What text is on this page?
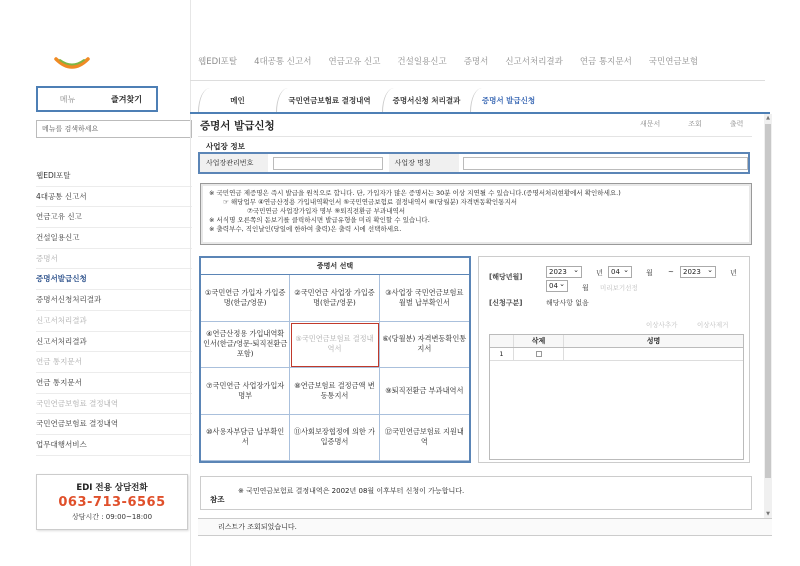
메뉴	즐겨찾기
메뉴를 검색하세요
웹EDI포탈
4대공통 신고서
연금고유 신고
건설일용신고
증명서
증명서발급신청
증명서신청처리결과
신고서처리결과
신고서처리결과
연금 통지문서
연금 통지문서
국민연금보험료 결정내역
국민연금보험료 결정내역
업무대행서비스
EDI 전용 상담전화
063-713-6565
상담시간 : 09:00~18:00
웹EDI포탈 4대공통 신고서 연금고유 신고 건설일용신고 증명서 신고서처리결과 연금 통지문서 국민연금보험
메인	국민연금보험료 결정내역	증명서신청 처리결과	증명서 발급신청
증명서 발급신청	새문서	조회	출력
사업장 정보
사업장관리번호	사업장 명칭
※ 국민연금 제증명은 즉시 발급을 원칙으로 합니다. 단, 가입자가 많은 증명서는 30분 이상 지연될 수 있습니다.(증명서처리현황에서 확인하세요.)
☞ 해당업무 ④연금산정용 가입내역확인서 ⑤국민연금보험료 결정내역서 ⑥(당월분) 자격변동확인통지서
⑦국민연금 사업장가입자 명부 ⑨퇴직전환금 부과내역서
※ 서식명 오른쪽의 돋보기를 클릭하시면 발급유형을 미리 확인할 수 있습니다.
※ 출력부수, 직인날인(당일에 한하여 출력)은 출력 시에 선택하세요.
증명서 선택
①국민연금 가입자 가입증명(한글/영문)
②국민연금 사업장 가입증명(한글/영문)
③사업장 국민연금보험료 월별 납부확인서
④연금산정용 가입내역확인서(한글/영문-퇴직전환금 포함)
⑤국민연금보험료 결정내역서
⑥(당월분) 자격변동확인통지서
⑦국민연금 사업장가입자 명부
⑧연금보험료 결정금액 변동통지서
⑨퇴직전환금 부과내역서
⑩사용자부담금 납부확인서
⑪사회보장협정에 의한 가입증명서
⑫국민연금보험료 지원내역
[해당년월]
2023 ⌄	년	04 ⌄	월 ~	2023 ⌄	년
04 ⌄	월 미리보기선정
[신청구분]	해당사항 없음
이상사추가	이상사제거
삭제	성명
1
참조
※ 국민연금보험료 결정내역은 2002년 08월 이후부터 신청이 가능합니다.
리스트가 조회되었습니다.
▲
▼
